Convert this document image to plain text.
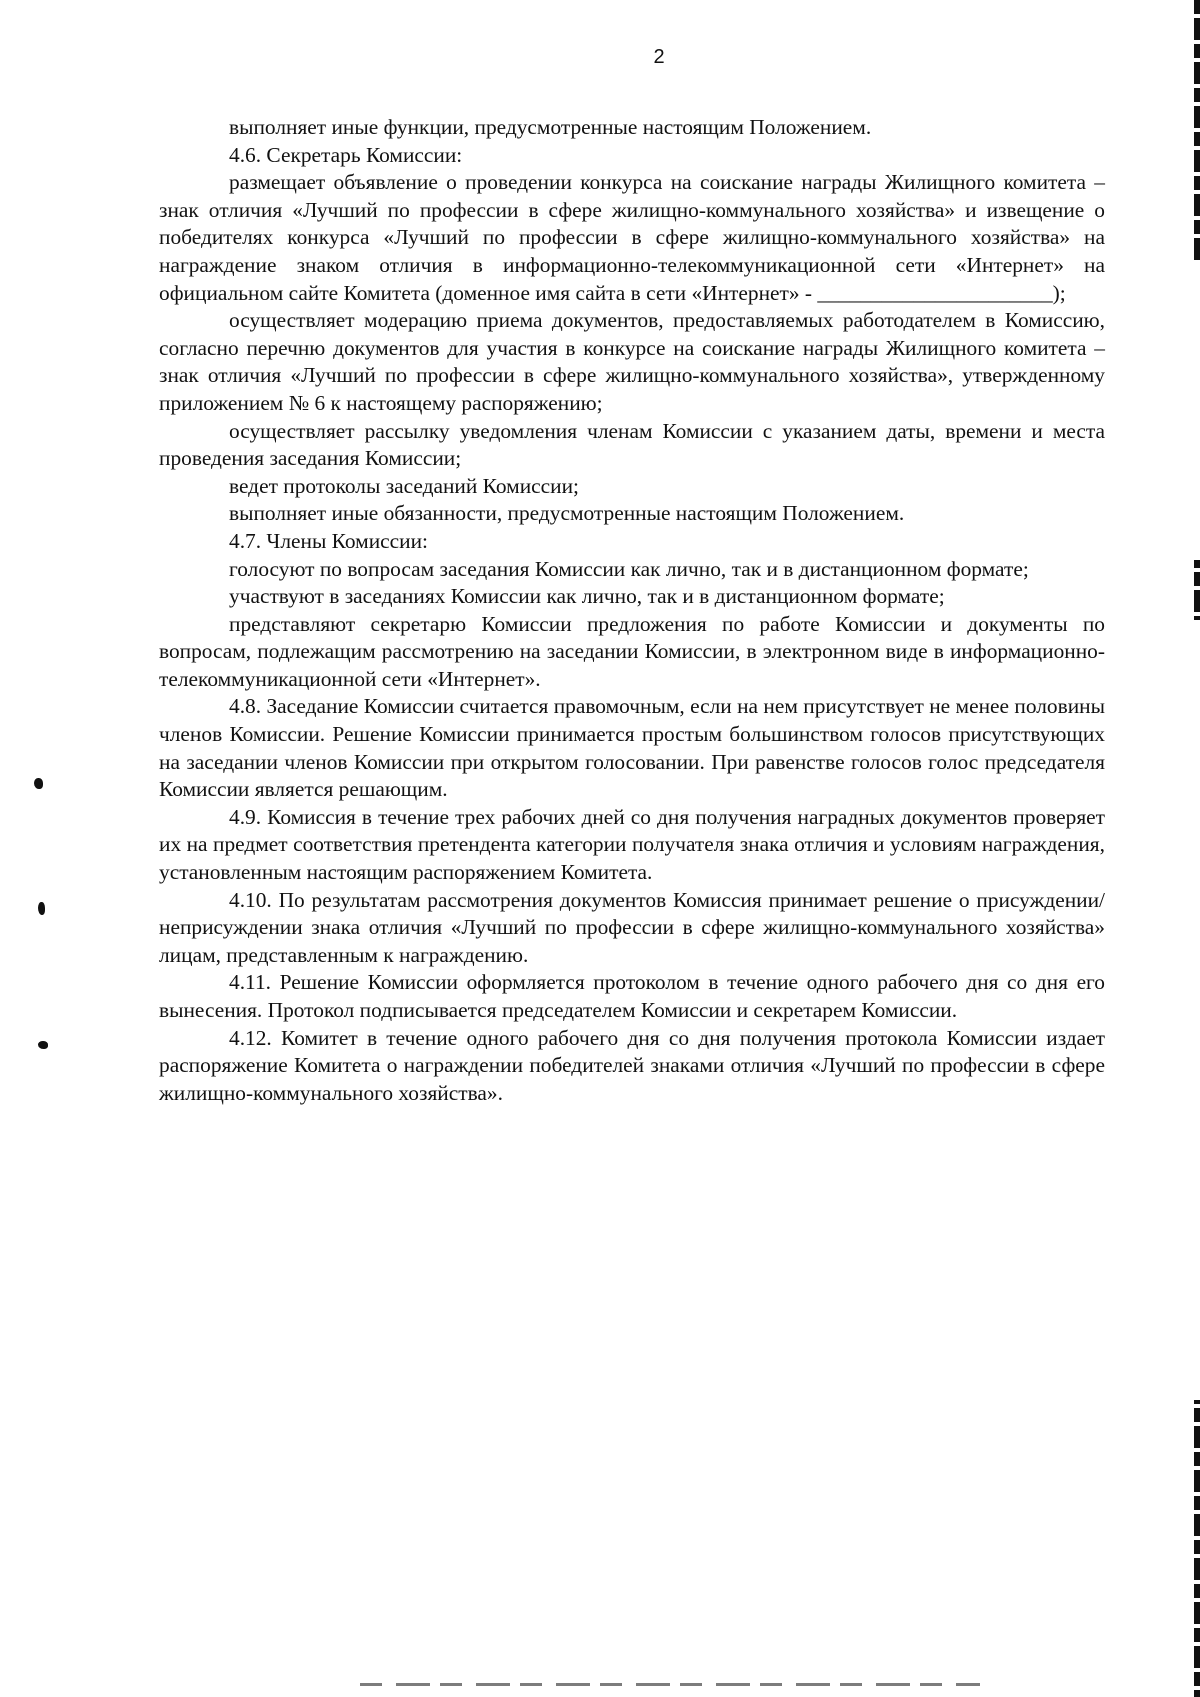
2

выполняет иные функции, предусмотренные настоящим Положением.

4.6. Секретарь Комиссии:

размещает объявление о проведении конкурса на соискание награды Жилищного комитета – знак отличия «Лучший по профессии в сфере жилищно-коммунального хозяйства» и извещение о победителях конкурса «Лучший по профессии в сфере жилищно-коммунального хозяйства» на награждение знаком отличия в информационно-телекоммуникационной сети «Интернет» на официальном сайте Комитета (доменное имя сайта в сети «Интернет» - ______________________);

осуществляет модерацию приема документов, предоставляемых работодателем в Комиссию, согласно перечню документов для участия в конкурсе на соискание награды Жилищного комитета – знак отличия «Лучший по профессии в сфере жилищно-коммунального хозяйства», утвержденному приложением № 6 к настоящему распоряжению;

осуществляет рассылку уведомления членам Комиссии с указанием даты, времени и места проведения заседания Комиссии;

ведет протоколы заседаний Комиссии;

выполняет иные обязанности, предусмотренные настоящим Положением.

4.7. Члены Комиссии:

голосуют по вопросам заседания Комиссии как лично, так и в дистанционном формате;

участвуют в заседаниях Комиссии как лично, так и в дистанционном формате;

представляют секретарю Комиссии предложения по работе Комиссии и документы по вопросам, подлежащим рассмотрению на заседании Комиссии, в электронном виде в информационно-телекоммуникационной сети «Интернет».

4.8. Заседание Комиссии считается правомочным, если на нем присутствует не менее половины членов Комиссии. Решение Комиссии принимается простым большинством голосов присутствующих на заседании членов Комиссии при открытом голосовании. При равенстве голосов голос председателя Комиссии является решающим.

4.9. Комиссия в течение трех рабочих дней со дня получения наградных документов проверяет их на предмет соответствия претендента категории получателя знака отличия и условиям награждения, установленным настоящим распоряжением Комитета.

4.10. По результатам рассмотрения документов Комиссия принимает решение о присуждении/неприсуждении знака отличия «Лучший по профессии в сфере жилищно-коммунального хозяйства» лицам, представленным к награждению.

4.11. Решение Комиссии оформляется протоколом в течение одного рабочего дня со дня его вынесения. Протокол подписывается председателем Комиссии и секретарем Комиссии.

4.12. Комитет в течение одного рабочего дня со дня получения протокола Комиссии издает распоряжение Комитета о награждении победителей знаками отличия «Лучший по профессии в сфере жилищно-коммунального хозяйства».
